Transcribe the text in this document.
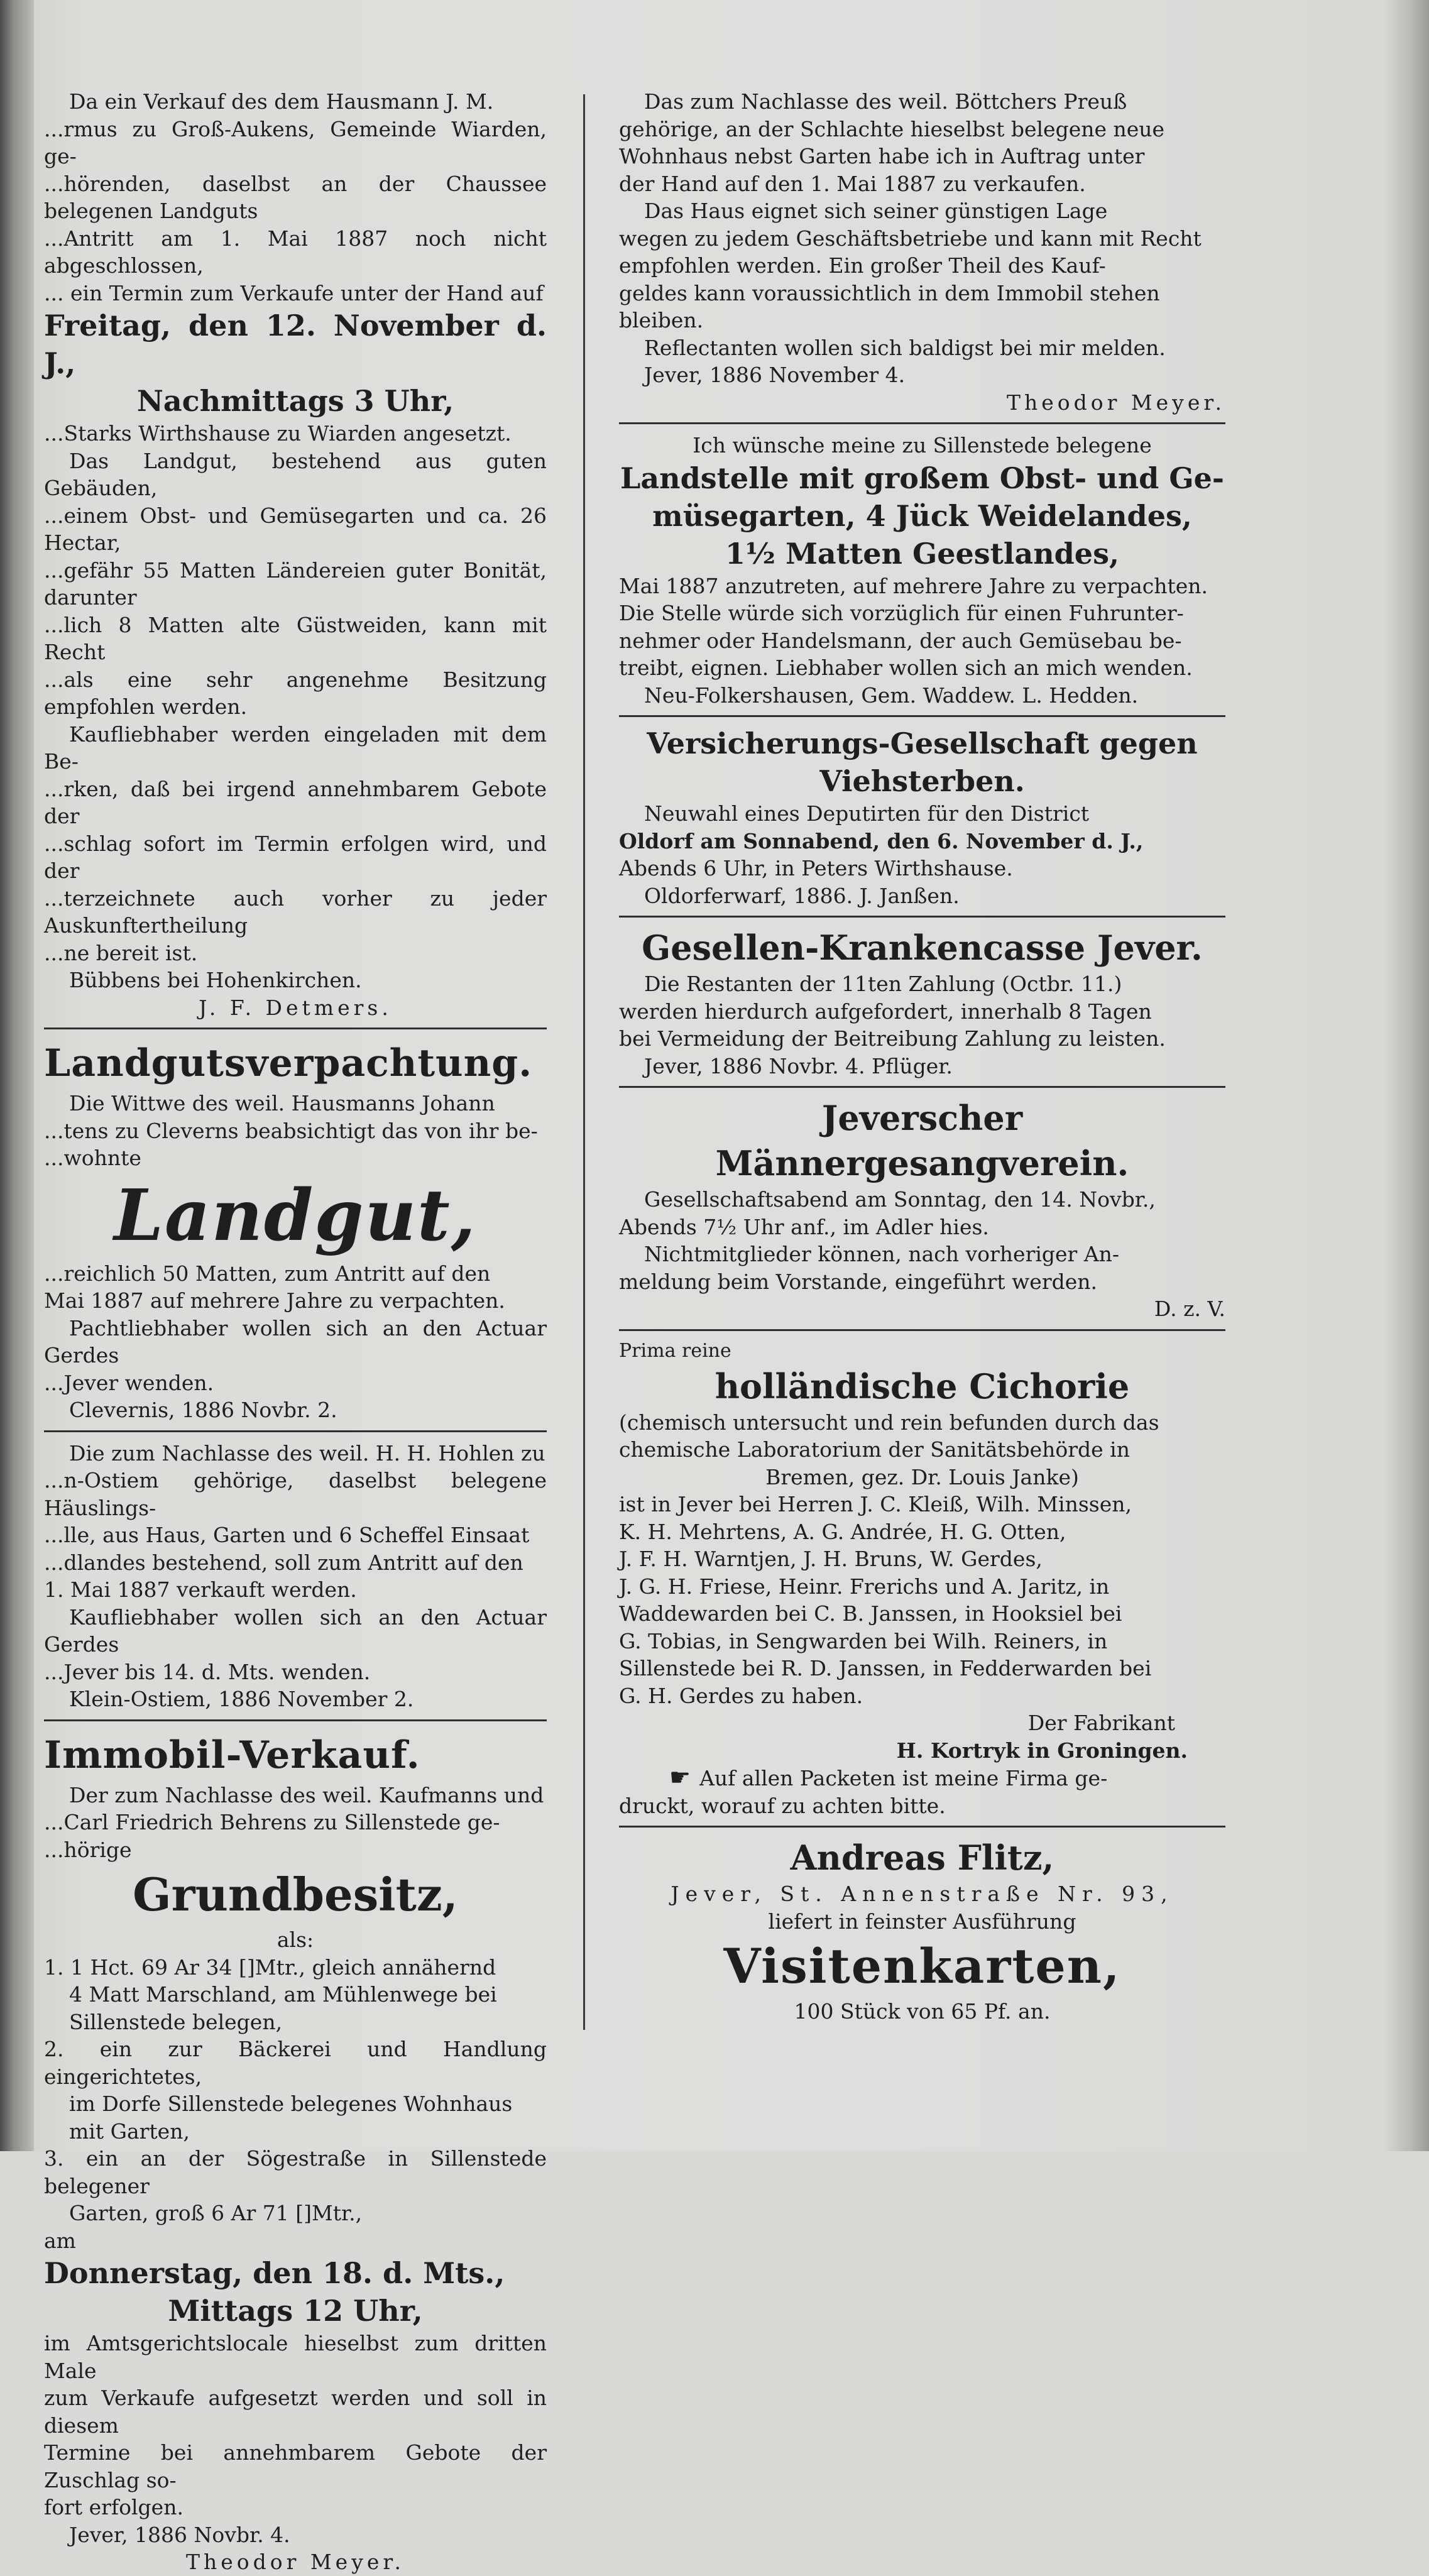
Da ein Verkauf des dem Hausmann J. M.

...rmus zu Groß-Aukens, Gemeinde Wiarden, ge-

...hörenden, daselbst an der Chaussee belegenen Landguts

...Antritt am 1. Mai 1887 noch nicht abgeschlossen,

... ein Termin zum Verkaufe unter der Hand auf

Freitag, den 12. November d. J.,

Nachmittags 3 Uhr,

...Starks Wirthshause zu Wiarden angesetzt.

Das Landgut, bestehend aus guten Gebäuden,

...einem Obst- und Gemüsegarten und ca. 26 Hectar,

...gefähr 55 Matten Ländereien guter Bonität, darunter

...lich 8 Matten alte Güstweiden, kann mit Recht

...als eine sehr angenehme Besitzung empfohlen werden.

Kaufliebhaber werden eingeladen mit dem Be-

...rken, daß bei irgend annehmbarem Gebote der

...schlag sofort im Termin erfolgen wird, und der

...terzeichnete auch vorher zu jeder Auskunftertheilung

...ne bereit ist.

Bübbens bei Hohenkirchen.

J. F. Detmers.

Landgutsverpachtung.

Die Wittwe des weil. Hausmanns Johann

...tens zu Cleverns beabsichtigt das von ihr be-

...wohnte

Landgut,

...reichlich 50 Matten, zum Antritt auf den

Mai 1887 auf mehrere Jahre zu verpachten.

Pachtliebhaber wollen sich an den Actuar Gerdes

...Jever wenden.

Clevernis, 1886 Novbr. 2.

Die zum Nachlasse des weil. H. H. Hohlen zu

...n-Ostiem gehörige, daselbst belegene Häuslings-

...lle, aus Haus, Garten und 6 Scheffel Einsaat

...dlandes bestehend, soll zum Antritt auf den

1. Mai 1887 verkauft werden.

Kaufliebhaber wollen sich an den Actuar Gerdes

...Jever bis 14. d. Mts. wenden.

Klein-Ostiem, 1886 November 2.

Immobil-Verkauf.

Der zum Nachlasse des weil. Kaufmanns und

...Carl Friedrich Behrens zu Sillenstede ge-

...hörige

Grundbesitz,

als:

1. 1 Hct. 69 Ar 34 []Mtr., gleich annähernd

4 Matt Marschland, am Mühlenwege bei

Sillenstede belegen,

2. ein zur Bäckerei und Handlung eingerichtetes,

im Dorfe Sillenstede belegenes Wohnhaus

mit Garten,

3. ein an der Sögestraße in Sillenstede belegener

Garten, groß 6 Ar 71 []Mtr.,

am

Donnerstag, den 18. d. Mts.,

Mittags 12 Uhr,

im Amtsgerichtslocale hieselbst zum dritten Male

zum Verkaufe aufgesetzt werden und soll in diesem

Termine bei annehmbarem Gebote der Zuschlag so-

fort erfolgen.

Jever, 1886 Novbr. 4.

Theodor Meyer.

Das zum Nachlasse des weil. Böttchers Preuß

gehörige, an der Schlachte hieselbst belegene neue

Wohnhaus nebst Garten habe ich in Auftrag unter

der Hand auf den 1. Mai 1887 zu verkaufen.

Das Haus eignet sich seiner günstigen Lage

wegen zu jedem Geschäftsbetriebe und kann mit Recht

empfohlen werden. Ein großer Theil des Kauf-

geldes kann voraussichtlich in dem Immobil stehen

bleiben.

Reflectanten wollen sich baldigst bei mir melden.

Jever, 1886 November 4.

Theodor Meyer.

Ich wünsche meine zu Sillenstede belegene

Landstelle mit großem Obst- und Ge-

müsegarten, 4 Jück Weidelandes,

1½ Matten Geestlandes,

Mai 1887 anzutreten, auf mehrere Jahre zu verpachten.

Die Stelle würde sich vorzüglich für einen Fuhrunter-

nehmer oder Handelsmann, der auch Gemüsebau be-

treibt, eignen. Liebhaber wollen sich an mich wenden.

Neu-Folkershausen, Gem. Waddew. L. Hedden.

Versicherungs-Gesellschaft gegen

Viehsterben.

Neuwahl eines Deputirten für den District

Oldorf am Sonnabend, den 6. November d. J.,

Abends 6 Uhr, in Peters Wirthshause.

Oldorferwarf, 1886. J. Janßen.

Gesellen-Krankencasse Jever.

Die Restanten der 11ten Zahlung (Octbr. 11.)

werden hierdurch aufgefordert, innerhalb 8 Tagen

bei Vermeidung der Beitreibung Zahlung zu leisten.

Jever, 1886 Novbr. 4. Pflüger.

Jeverscher Männergesangverein.

Gesellschaftsabend am Sonntag, den 14. Novbr.,

Abends 7½ Uhr anf., im Adler hies.

Nichtmitglieder können, nach vorheriger An-

meldung beim Vorstande, eingeführt werden.

D. z. V.

Prima reine

holländische Cichorie

(chemisch untersucht und rein befunden durch das

chemische Laboratorium der Sanitätsbehörde in

Bremen, gez. Dr. Louis Janke)

ist in Jever bei Herren J. C. Kleiß, Wilh. Minssen,

K. H. Mehrtens, A. G. Andrée, H. G. Otten,

J. F. H. Warntjen, J. H. Bruns, W. Gerdes,

J. G. H. Friese, Heinr. Frerichs und A. Jaritz, in

Waddewarden bei C. B. Janssen, in Hooksiel bei

G. Tobias, in Sengwarden bei Wilh. Reiners, in

Sillenstede bei R. D. Janssen, in Fedderwarden bei

G. H. Gerdes zu haben.

Der Fabrikant

H. Kortryk in Groningen.

☛ Auf allen Packeten ist meine Firma ge-

druckt, worauf zu achten bitte.

Andreas Flitz,

Jever, St. Annenstraße Nr. 93,

liefert in feinster Ausführung

Visitenkarten,

100 Stück von 65 Pf. an.
